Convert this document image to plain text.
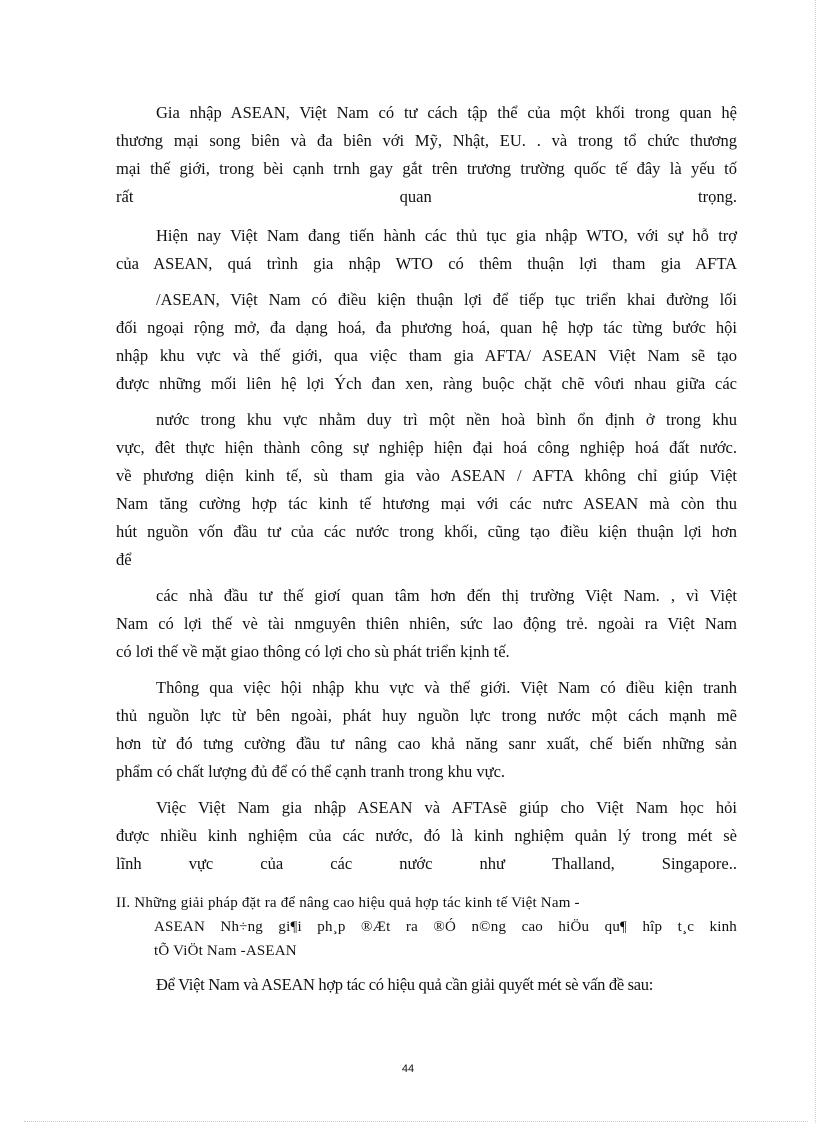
Gia nhập ASEAN, Việt Nam có tư cách tập thể của một khối trong quan hệ
thương mại song biên và đa biên với Mỹ, Nhật, EU. . và trong tổ chức thương
mại thế giới, trong bèi cạnh trnh gay gắt trên trương trường quốc tế đây là yếu tố
rất	quan	trọng.
Hiện nay Việt Nam đang tiến hành các thủ tục gia nhập WTO, với sự hỗ trợ
của ASEAN, quá trình gia nhập WTO có thêm thuận lợi tham gia AFTA
/ASEAN, Việt Nam có điều kiện thuận lợi để tiếp tục triển khai đường lối
đối ngoại rộng mở, đa dạng hoá, đa phương hoá, quan hệ hợp tác từng bước hội
nhập khu vực và thế giới, qua việc tham gia AFTA/ ASEAN Việt Nam sẽ tạo
được những mối liên hệ lợi Ých đan xen, ràng buộc chặt chẽ vôưi nhau giữa các
nước trong khu vực nhằm duy trì một nền hoà bình ổn định ở trong khu
vực, đêt thực hiện thành công sự nghiệp hiện đại hoá công nghiệp hoá đất nước.
về phương diện kinh tế, sù tham gia vào ASEAN / AFTA không chỉ giúp Việt
Nam tăng cường hợp tác kinh tế htương mại với các nưrc ASEAN mà còn thu
hút nguồn vốn đầu tư của các nước trong khối, cũng tạo điều kiện thuận lợi hơn
để
các nhà đầu tư thế giơí quan tâm hơn đến thị trường Việt Nam. , vì Việt
Nam có lợi thế vè tài nmguyên thiên nhiên, sức lao động trẻ. ngoài ra Việt Nam
có lơi thế về mặt giao thông có lợi cho sù phát triển kịnh tế.
Thông qua việc hội nhập khu vực và thế giới. Việt Nam có điều kiện tranh
thủ nguồn lực từ bên ngoài, phát huy nguồn lực trong nước một cách mạnh mẽ
hơn từ đó tưng cường đầu tư nâng cao khả năng sanr xuất, chế biến những sản
phẩm có chất lượng đủ để có thể cạnh tranh trong khu vực.
Việc Việt Nam gia nhập ASEAN và AFTAsẽ giúp cho Việt Nam học hỏi
được nhiều kinh nghiệm của các nước, đó là kinh nghiệm quản lý trong mét sè
lĩnh	vực	của	các	nước	như	Thalland,	Singapore..
II. Những giải pháp đặt ra để nâng cao hiệu quả hợp tác kinh tế Việt Nam -
ASEAN Nh÷ng gi¶i ph¸p ®Æt ra ®Ó n©ng cao hiÖu qu¶ hîp t¸c kinh
tÕ ViÖt Nam -ASEAN
Để Việt Nam và ASEAN hợp tác có hiệu quả cần giải quyết mét sè vấn đề sau:
44
